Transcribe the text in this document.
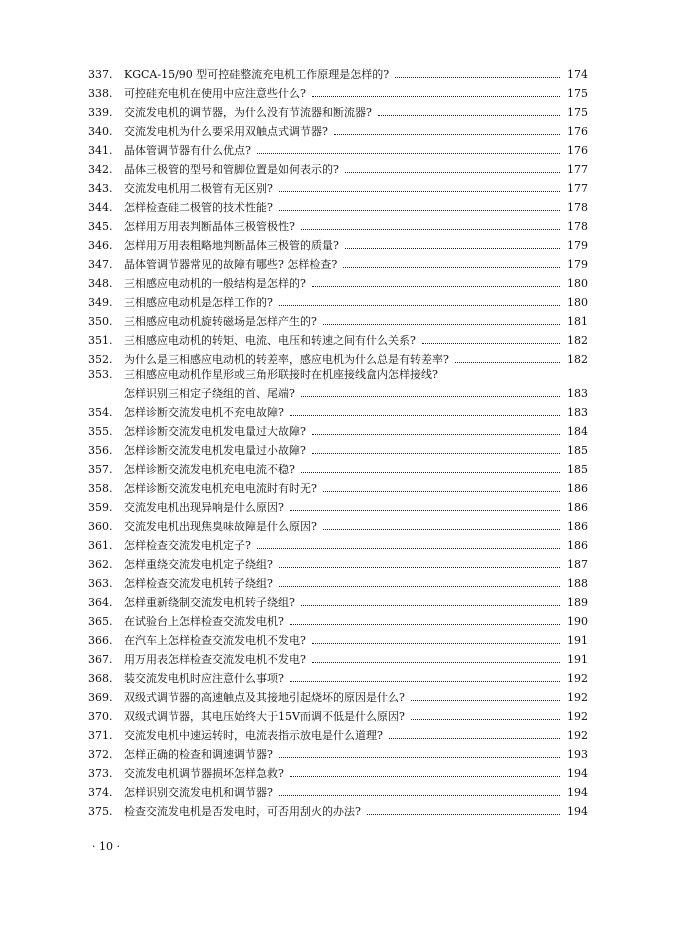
337.	KGCA-15/90 型可控硅整流充电机工作原理是怎样的?	174
338.	可控硅充电机在使用中应注意些什么?	175
339.	交流发电机的调节器，为什么没有节流器和断流器?	175
340.	交流发电机为什么要采用双触点式调节器?	176
341.	晶体管调节器有什么优点?	176
342.	晶体三极管的型号和管脚位置是如何表示的?	177
343.	交流发电机用二极管有无区别?	177
344.	怎样检查硅二极管的技术性能?	178
345.	怎样用万用表判断晶体三极管极性?	178
346.	怎样用万用表粗略地判断晶体三极管的质量?	179
347.	晶体管调节器常见的故障有哪些? 怎样检查?	179
348.	三相感应电动机的一般结构是怎样的?	180
349.	三相感应电动机是怎样工作的?	180
350.	三相感应电动机旋转磁场是怎样产生的?	181
351.	三相感应电动机的转矩、电流、电压和转速之间有什么关系?	182
352.	为什么是三相感应电动机的转差率，感应电机为什么总是有转差率?	182
353.	三相感应电动机作星形或三角形联接时在机座接线盒内怎样接线?
怎样识别三相定子绕组的首、尾端?	183
354.	怎样诊断交流发电机不充电故障?	183
355.	怎样诊断交流发电机发电量过大故障?	184
356.	怎样诊断交流发电机发电量过小故障?	185
357.	怎样诊断交流发电机充电电流不稳?	185
358.	怎样诊断交流发电机充电电流时有时无?	186
359.	交流发电机出现异响是什么原因?	186
360.	交流发电机出现焦臭味故障是什么原因?	186
361.	怎样检查交流发电机定子?	186
362.	怎样重绕交流发电机定子绕组?	187
363.	怎样检查交流发电机转子绕组?	188
364.	怎样重新绕制交流发电机转子绕组?	189
365.	在试验台上怎样检查交流发电机?	190
366.	在汽车上怎样检查交流发电机不发电?	191
367.	用万用表怎样检查交流发电机不发电?	191
368.	装交流发电机时应注意什么事项?	192
369.	双级式调节器的高速触点及其接地引起烧坏的原因是什么?	192
370.	双级式调节器，其电压始终大于15V而调不低是什么原因?	192
371.	交流发电机中速运转时，电流表指示放电是什么道理?	192
372.	怎样正确的检查和调速调节器?	193
373.	交流发电机调节器损坏怎样急救?	194
374.	怎样识别交流发电机和调节器?	194
375.	检查交流发电机是否发电时，可否用刮火的办法?	194
· 10 ·
